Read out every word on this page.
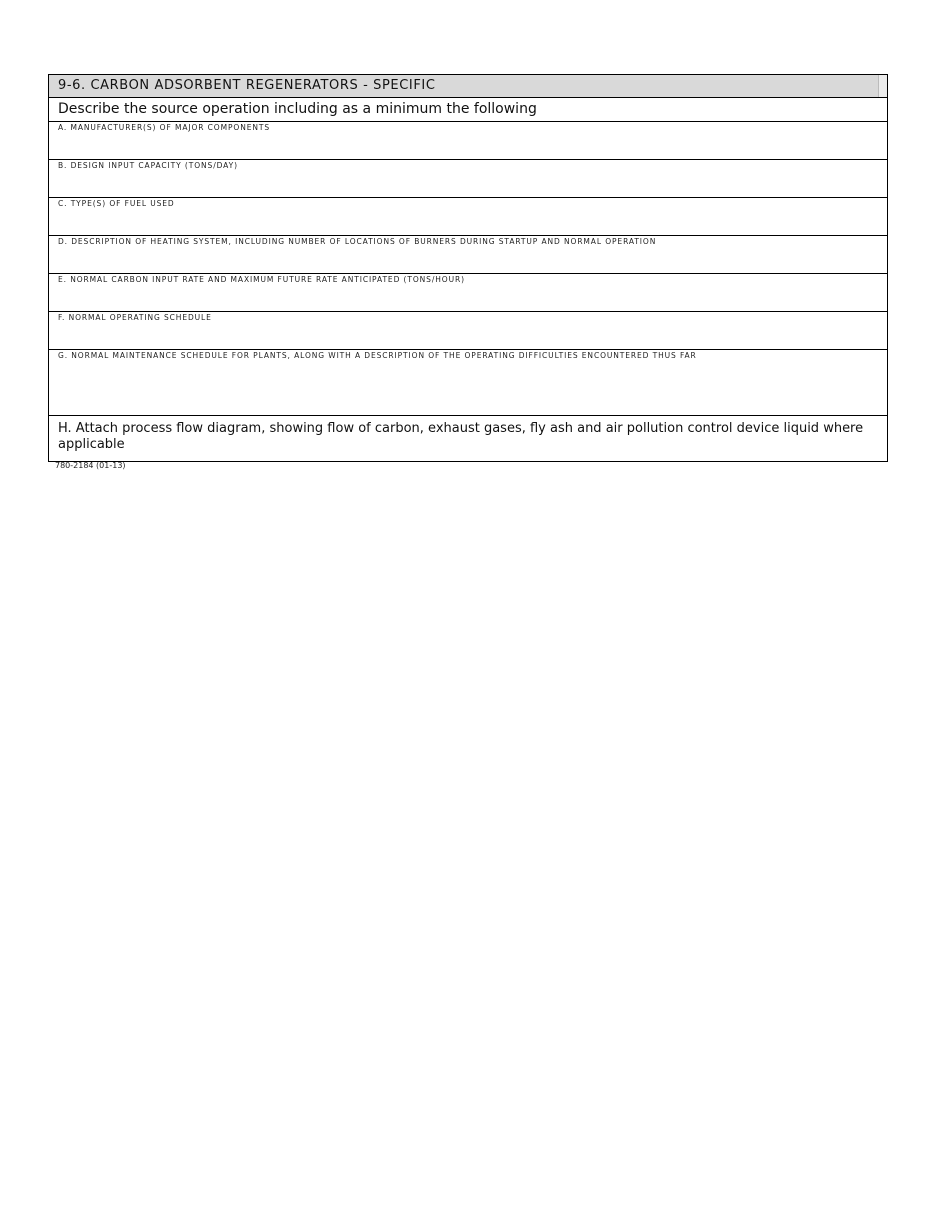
9-6. CARBON ADSORBENT REGENERATORS - SPECIFIC
Describe the source operation including as a minimum the following
A. MANUFACTURER(S) OF MAJOR COMPONENTS
B. DESIGN INPUT CAPACITY (TONS/DAY)
C. TYPE(S) OF FUEL USED
D. DESCRIPTION OF HEATING SYSTEM, INCLUDING NUMBER OF LOCATIONS OF BURNERS DURING STARTUP AND NORMAL OPERATION
E. NORMAL CARBON INPUT RATE AND MAXIMUM FUTURE RATE ANTICIPATED (TONS/HOUR)
F. NORMAL OPERATING SCHEDULE
G. NORMAL MAINTENANCE SCHEDULE FOR PLANTS, ALONG WITH A DESCRIPTION OF THE OPERATING DIFFICULTIES ENCOUNTERED THUS FAR
H. Attach process flow diagram, showing flow of carbon, exhaust gases, fly ash and air pollution control device liquid where applicable
780-2184 (01-13)
